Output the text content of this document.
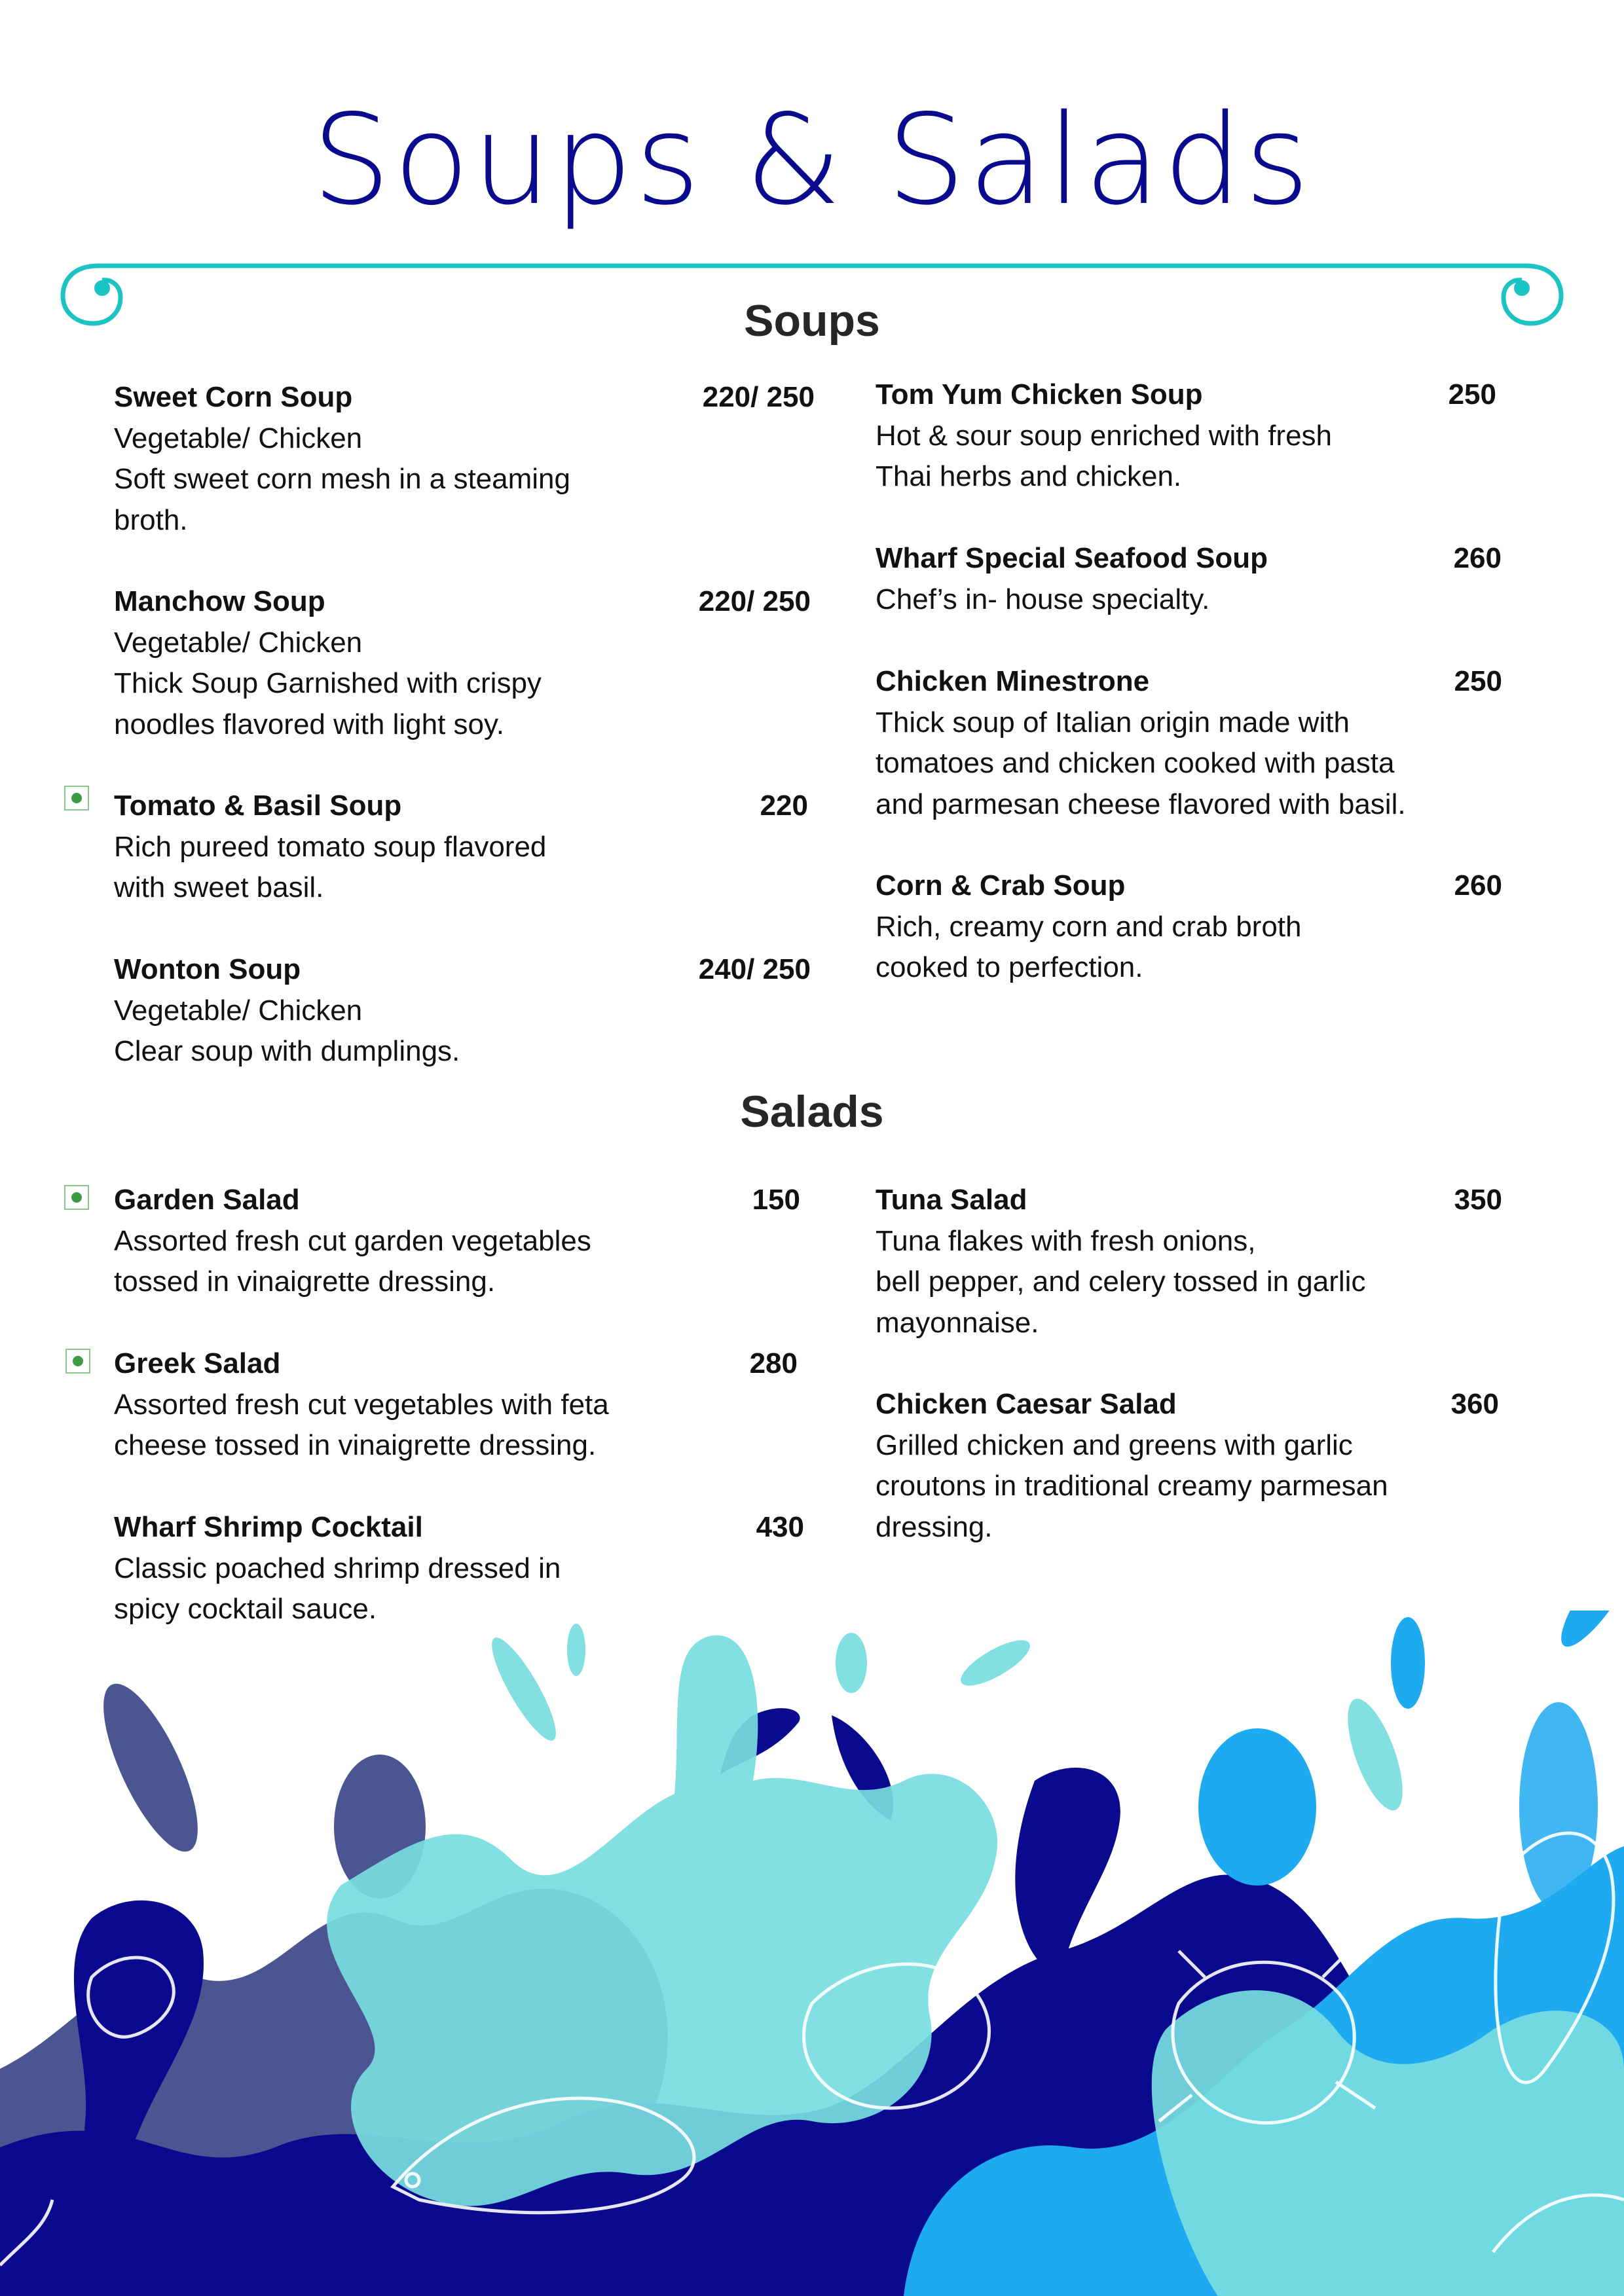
Soups & Salads
Soups
Sweet Corn Soup	220/ 250
Vegetable/ Chicken
Soft sweet corn mesh in a steaming
broth.
Manchow Soup	220/ 250
Vegetable/ Chicken
Thick Soup Garnished with crispy
noodles flavored with light soy.
Tomato & Basil Soup	220
Rich pureed tomato soup flavored
with sweet basil.
Wonton Soup	240/ 250
Vegetable/ Chicken
Clear soup with dumplings.
Tom Yum Chicken Soup	250
Hot & sour soup enriched with fresh
Thai herbs and chicken.
Wharf Special Seafood Soup	260
Chef’s in- house specialty.
Chicken Minestrone	250
Thick soup of Italian origin made with
tomatoes and chicken cooked with pasta
and parmesan cheese flavored with basil.
Corn & Crab Soup	260
Rich, creamy corn and crab broth
cooked to perfection.
Salads
Garden Salad	150
Assorted fresh cut garden vegetables
tossed in vinaigrette dressing.
Greek Salad	280
Assorted fresh cut vegetables with feta
cheese tossed in vinaigrette dressing.
Wharf Shrimp Cocktail	430
Classic poached shrimp dressed in
spicy cocktail sauce.
Tuna Salad	350
Tuna flakes with fresh onions,
bell pepper, and celery tossed in garlic
mayonnaise.
Chicken Caesar Salad	360
Grilled chicken and greens with garlic
croutons in traditional creamy parmesan
dressing.
